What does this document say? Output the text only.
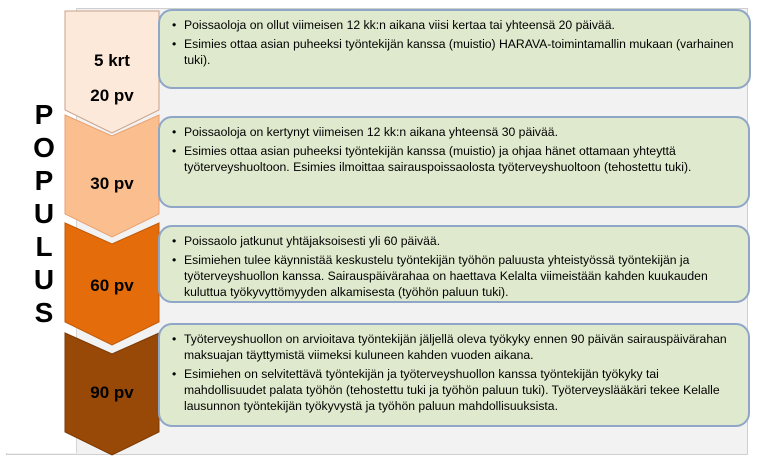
P
O
P
U
L
U
S
5 krt
20 pv
30 pv
60 pv
90 pv
• Poissaoloja on ollut viimeisen 12 kk:n aikana viisi kertaa tai yhteensä 20 päivää.
• Esimies ottaa asian puheeksi työntekijän kanssa (muistio) HARAVA-toimintamallin mukaan (varhainen tuki).
• Poissaoloja on kertynyt viimeisen 12 kk:n aikana yhteensä 30 päivää.
• Esimies ottaa asian puheeksi työntekijän kanssa (muistio) ja ohjaa hänet ottamaan yhteyttä työterveyshuoltoon. Esimies ilmoittaa sairauspoissaolosta työterveyshuoltoon (tehostettu tuki).
• Poissaolo jatkunut yhtäjaksoisesti yli 60 päivää.
• Esimiehen tulee käynnistää keskustelu työntekijän työhön paluusta yhteistyössä työntekijän ja työterveyshuollon kanssa. Sairauspäivärahaa on haettava Kelalta viimeistään kahden kuukauden kuluttua työkyvyttömyyden alkamisesta (työhön paluun tuki).
• Työterveyshuollon on arvioitava työntekijän jäljellä oleva työkyky ennen 90 päivän sairauspäivärahan maksuajan täyttymistä viimeksi kuluneen kahden vuoden aikana.
• Esimiehen on selvitettävä työntekijän ja työterveyshuollon kanssa työntekijän työkyky tai mahdollisuudet palata työhön (tehostettu tuki ja työhön paluun tuki). Työterveyslääkäri tekee Kelalle lausunnon työntekijän työkyvystä ja työhön paluun mahdollisuuksista.
